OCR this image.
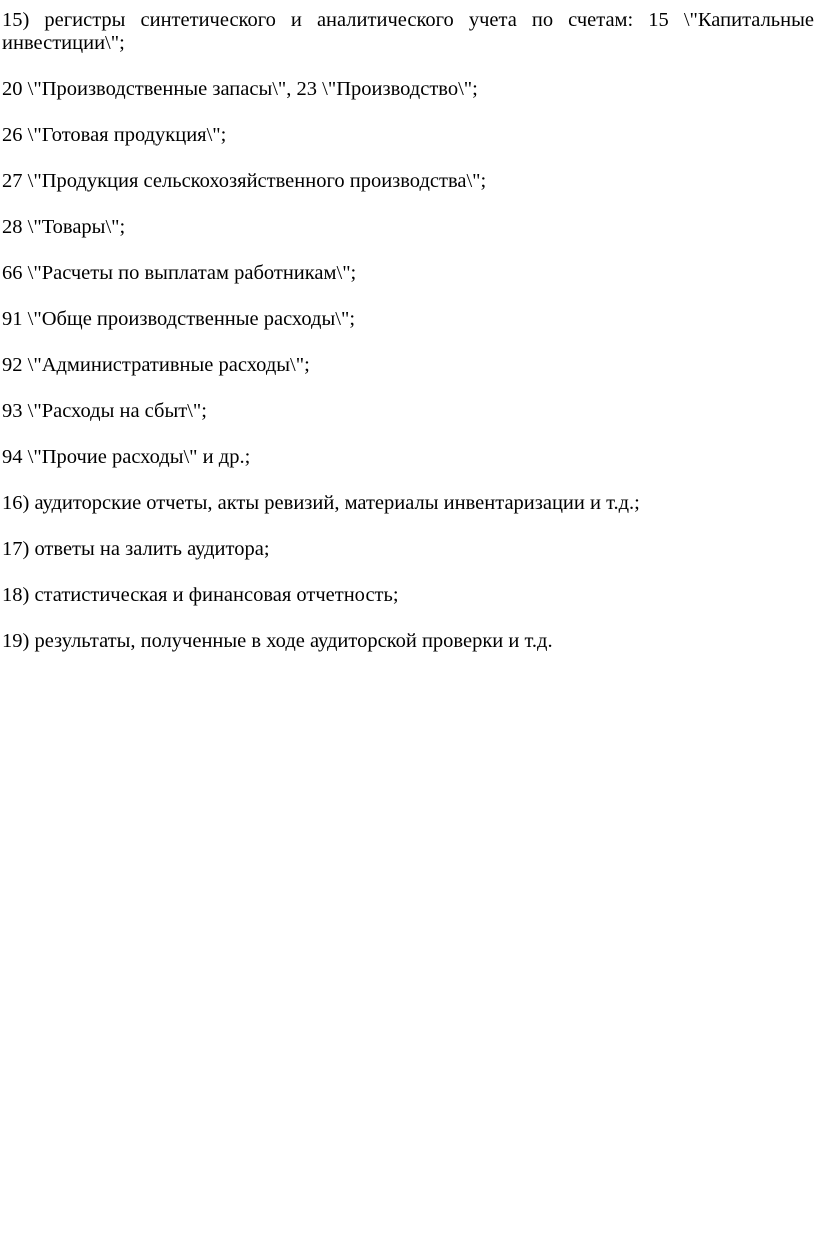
15) регистры синтетического и аналитического учета по счетам: 15 \"Капитальные инвестиции\";

20 \"Производственные запасы\", 23 \"Производство\";

26 \"Готовая продукция\";

27 \"Продукция сельскохозяйственного производства\";

28 \"Товары\";

66 \"Расчеты по выплатам работникам\";

91 \"Обще производственные расходы\";

92 \"Административные расходы\";

93 \"Расходы на сбыт\";

94 \"Прочие расходы\" и др.;

16) аудиторские отчеты, акты ревизий, материалы инвентаризации и т.д.;

17) ответы на залить аудитора;

18) статистическая и финансовая отчетность;

19) результаты, полученные в ходе аудиторской проверки и т.д.
